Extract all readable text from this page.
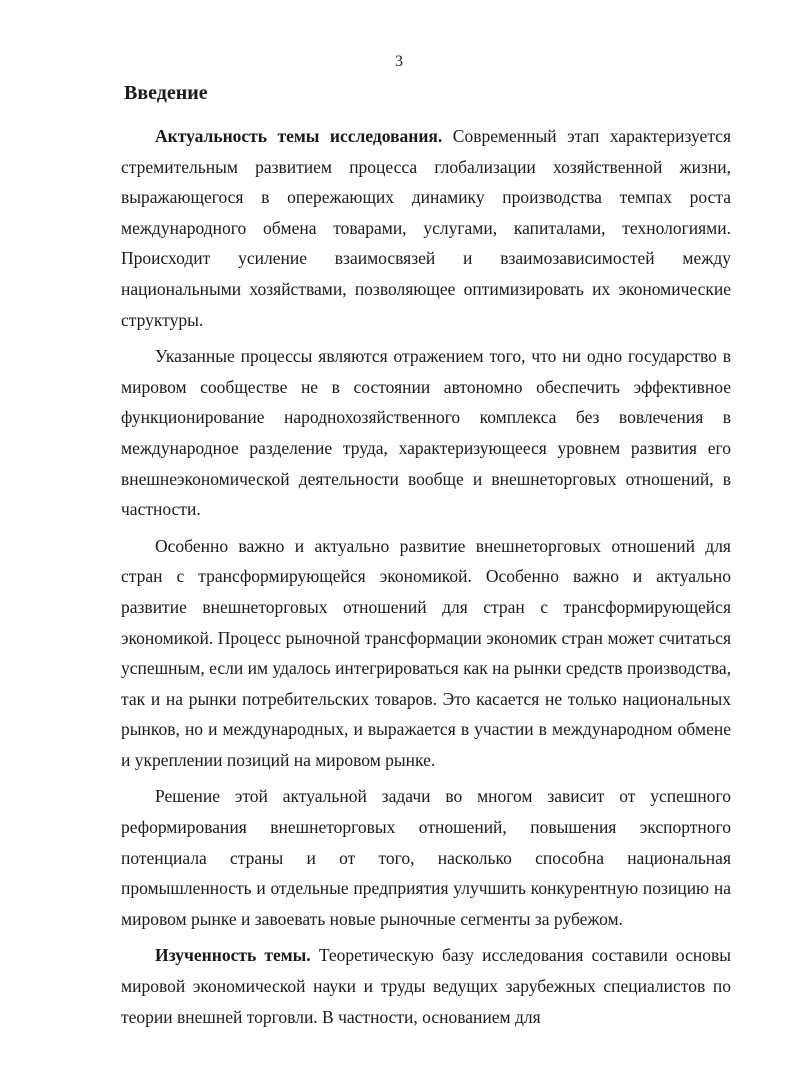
3
Введение

Актуальность темы исследования. Современный этап характеризуется стремительным развитием процесса глобализации хозяйственной жизни, выражающегося в опережающих динамику производства темпах роста международного обмена товарами, услугами, капиталами, технологиями. Происходит усиление взаимосвязей и взаимозависимостей между национальными хозяйствами, позволяющее оптимизировать их экономические структуры.

Указанные процессы являются отражением того, что ни одно государство в мировом сообществе не в состоянии автономно обеспечить эффективное функционирование народнохозяйственного комплекса без вовлечения в международное разделение труда, характеризующееся уровнем развития его внешнеэкономической деятельности вообще и внешнеторговых отношений, в частности.

Особенно важно и актуально развитие внешнеторговых отношений для стран с трансформирующейся экономикой. Особенно важно и актуально развитие внешнеторговых отношений для стран с трансформирующейся экономикой. Процесс рыночной трансформации экономик стран может считаться успешным, если им удалось интегрироваться как на рынки средств производства, так и на рынки потребительских товаров. Это касается не только национальных рынков, но и международных, и выражается в участии в международном обмене и укреплении позиций на мировом рынке.

Решение этой актуальной задачи во многом зависит от успешного реформирования внешнеторговых отношений, повышения экспортного потенциала страны и от того, насколько способна национальная промышленность и отдельные предприятия улучшить конкурентную позицию на мировом рынке и завоевать новые рыночные сегменты за рубежом.

Изученность темы. Теоретическую базу исследования составили основы мировой экономической науки и труды ведущих зарубежных специалистов по теории внешней торговли. В частности, основанием для
